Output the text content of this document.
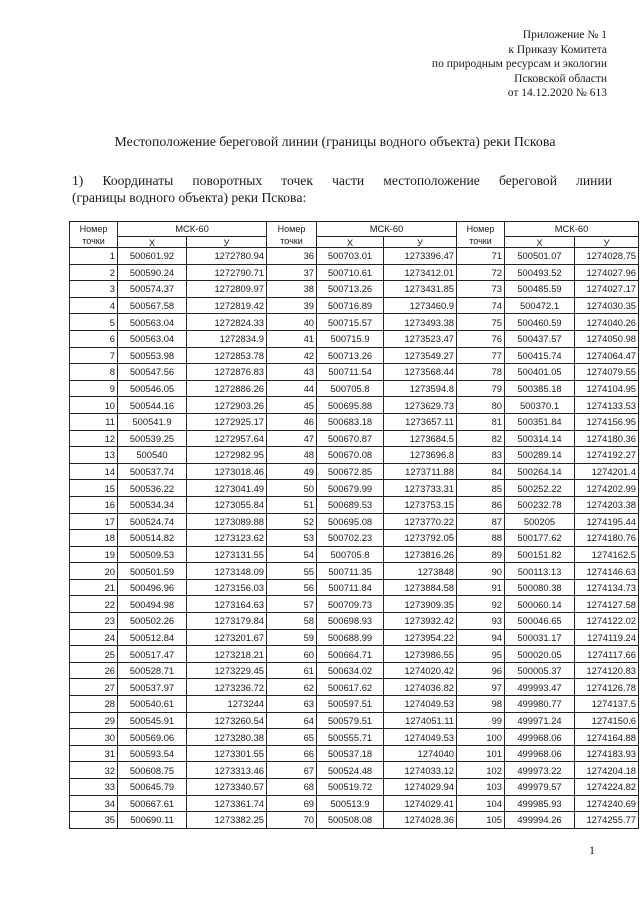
Приложение № 1
к Приказу Комитета
по природным ресурсам и экологии
Псковской области
от 14.12.2020 № 613
Местоположение береговой линии (границы водного объекта) реки Псковa
1) Координаты поворотных точек части местоположение береговой линии
(границы водного объекта) реки Псковa:
Номер
точки	МСК-60	
	Х	У
1	500601.92	1272780.94
2	500590.24	1272790.71
3	500574.37	1272809.97
4	500567.58	1272819.42
5	500563.04	1272824.33
6	500563.04	1272834.9
7	500553.98	1272853.78
8	500547.56	1272876.83
9	500546.05	1272886.26
10	500544.16	1272903.26
11	500541.9	1272925.17
12	500539.25	1272957.64
13	500540	1272982.95
14	500537.74	1273018.46
15	500536.22	1273041.49
16	500534.34	1273055.84
17	500524.74	1273089.88
18	500514.82	1273123.62
19	500509.53	1273131.55
20	500501.59	1273148.09
21	500496.96	1273156.03
22	500494.98	1273164.63
23	500502.26	1273179.84
24	500512.84	1273201.67
25	500517.47	1273218.21
26	500528.71	1273229.45
27	500537.97	1273236.72
28	500540.61	1273244
29	500545.91	1273260.54
30	500569.06	1273280.38
31	500593.54	1273301.55
32	500608.75	1273313.46
33	500645.79	1273340.57
34	500667.61	1273361.74
35	500690.11	1273382.25
Номер
точки	МСК-60	
	Х	У
36	500703.01	1273396.47
37	500710.61	1273412.01
38	500713.26	1273431.85
39	500716.89	1273460.9
40	500715.57	1273493.38
41	500715.9	1273523.47
42	500713.26	1273549.27
43	500711.54	1273568.44
44	500705.8	1273594.8
45	500695.88	1273629.73
46	500683.18	1273657.11
47	500670.87	1273684.5
48	500670.08	1273696.8
49	500672.85	1273711.88
50	500679.99	1273733.31
51	500689.53	1273753.15
52	500695.08	1273770.22
53	500702.23	1273792.05
54	500705.8	1273816.26
55	500711.35	1273848
56	500711.84	1273884.58
57	500709.73	1273909.35
58	500698.93	1273932.42
59	500688.99	1273954.22
60	500664.71	1273986.55
61	500634.02	1274020.42
62	500617.62	1274036.82
63	500597.51	1274049.53
64	500579.51	1274051.11
65	500555.71	1274049.53
66	500537.18	1274040
67	500524.48	1274033.12
68	500519.72	1274029.94
69	500513.9	1274029.41
70	500508.08	1274028.36
Номер
точки	МСК-60	
	Х	У
71	500501.07	1274028.75
72	500493.52	1274027.96
73	500485.59	1274027.17
74	500472.1	1274030.35
75	500460.59	1274040.26
76	500437.57	1274050.98
77	500415.74	1274064.47
78	500401.05	1274079.55
79	500385.18	1274104.95
80	500370.1	1274133.53
81	500351.84	1274156.95
82	500314.14	1274180.36
83	500289.14	1274192.27
84	500264.14	1274201.4
85	500252.22	1274202.99
86	500232.78	1274203.38
87	500205	1274195.44
88	500177.62	1274180.76
89	500151.82	1274162.5
90	500113.13	1274146.63
91	500080.38	1274134.73
92	500060.14	1274127.58
93	500046.65	1274122.02
94	500031.17	1274119.24
95	500020.05	1274117.66
96	500005.37	1274120.83
97	499993.47	1274126.78
98	499980.77	1274137.5
99	499971.24	1274150.6
100	499968.06	1274164.88
101	499968.06	1274183.93
102	499973.22	1274204.18
103	499979.57	1274224.82
104	499985.93	1274240.69
105	499994.26	1274255.77
1
